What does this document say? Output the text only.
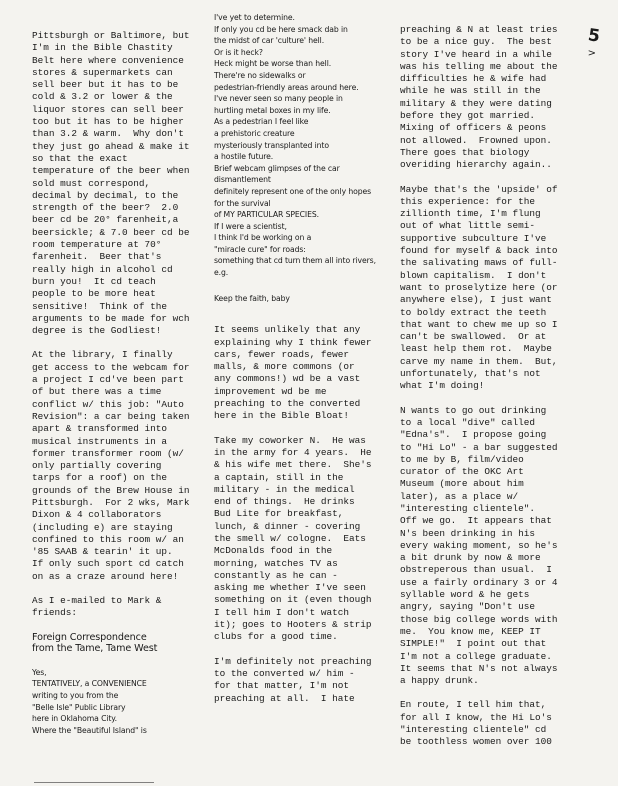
Pittsburgh or Baltimore, but
I'm in the Bible Chastity
Belt here where convenience
stores & supermarkets can
sell beer but it has to be
cold & 3.2 or lower & the
liquor stores can sell beer
too but it has to be higher
than 3.2 & warm.  Why don't
they just go ahead & make it
so that the exact
temperature of the beer when
sold must correspond,
decimal by decimal, to the
strength of the beer?  2.0
beer cd be 20° farenheit,a
beersickle; & 7.0 beer cd be
room temperature at 70°
farenheit.  Beer that's
really high in alcohol cd
burn you!  It cd teach
people to be more heat
sensitive!  Think of the
arguments to be made for wch
degree is the Godliest!

At the library, I finally
get access to the webcam for
a project I cd've been part
of but there was a time
conflict w/ this job: "Auto
Revision": a car being taken
apart & transformed into
musical instruments in a
former transformer room (w/
only partially covering
tarps for a roof) on the
grounds of the Brew House in
Pittsburgh.  For 2 wks, Mark
Dixon & 4 collaborators
(including e) are staying
confined to this room w/ an
'85 SAAB & tearin' it up.
If only such sport cd catch
on as a craze around here!

As I e-mailed to Mark &
friends:

Foreign Correspondence
from the Tame, Tame West

Yes,
TENTATIVELY, a CONVENIENCE
writing to you from the
"Belle Isle" Public Library
here in Oklahoma City.
Where the "Beautiful Island" is

I've yet to determine.
If only you cd be here smack dab in
the midst of car 'culture' hell.
Or is it heck?
Heck might be worse than hell.
There're no sidewalks or
pedestrian-friendly areas around here.
I've never seen so many people in
hurtling metal boxes in my life.
As a pedestrian I feel like
a prehistoric creature
mysteriously transplanted into
a hostile future.
Brief webcam glimpses of the car
dismantlement
definitely represent one of the only hopes
for the survival
of MY PARTICULAR SPECIES.
If I were a scientist,
I think I'd be working on a
"miracle cure" for roads:
something that cd turn them all into rivers,
e.g.

Keep the faith, baby

It seems unlikely that any
explaining why I think fewer
cars, fewer roads, fewer
malls, & more commons (or
any commons!) wd be a vast
improvement wd be me
preaching to the converted
here in the Bible Bloat!

Take my coworker N.  He was
in the army for 4 years.  He
& his wife met there.  She's
a captain, still in the
military - in the medical
end of things.  He drinks
Bud Lite for breakfast,
lunch, & dinner - covering
the smell w/ cologne.  Eats
McDonalds food in the
morning, watches TV as
constantly as he can -
asking me whether I've seen
something on it (even though
I tell him I don't watch
it); goes to Hooters & strip
clubs for a good time.

I'm definitely not preaching
to the converted w/ him -
for that matter, I'm not
preaching at all.  I hate

preaching & N at least tries
to be a nice guy.  The best
story I've heard in a while
was his telling me about the
difficulties he & wife had
while he was still in the
military & they were dating
before they got married.
Mixing of officers & peons
not allowed.  Frowned upon.
There goes that biology
overiding hierarchy again..

Maybe that's the 'upside' of
this experience: for the
zillionth time, I'm flung
out of what little semi-
supportive subculture I've
found for myself & back into
the salivating maws of full-
blown capitalism.  I don't
want to proselytize here (or
anywhere else), I just want
to boldy extract the teeth
that want to chew me up so I
can't be swallowed.  Or at
least help them rot.  Maybe
carve my name in them.  But,
unfortunately, that's not
what I'm doing!

N wants to go out drinking
to a local "dive" called
"Edna's".  I propose going
to "Hi Lo" - a bar suggested
to me by B, film/video
curator of the OKC Art
Museum (more about him
later), as a place w/
"interesting clientele".
Off we go.  It appears that
N's been drinking in his
every waking moment, so he's
a bit drunk by now & more
obstreperous than usual.  I
use a fairly ordinary 3 or 4
syllable word & he gets
angry, saying "Don't use
those big college words with
me.  You know me, KEEP IT
SIMPLE!"  I point out that
I'm not a college graduate.
It seems that N's not always
a happy drunk.

En route, I tell him that,
for all I know, the Hi Lo's
"interesting clientele" cd
be toothless women over 100

5
>
